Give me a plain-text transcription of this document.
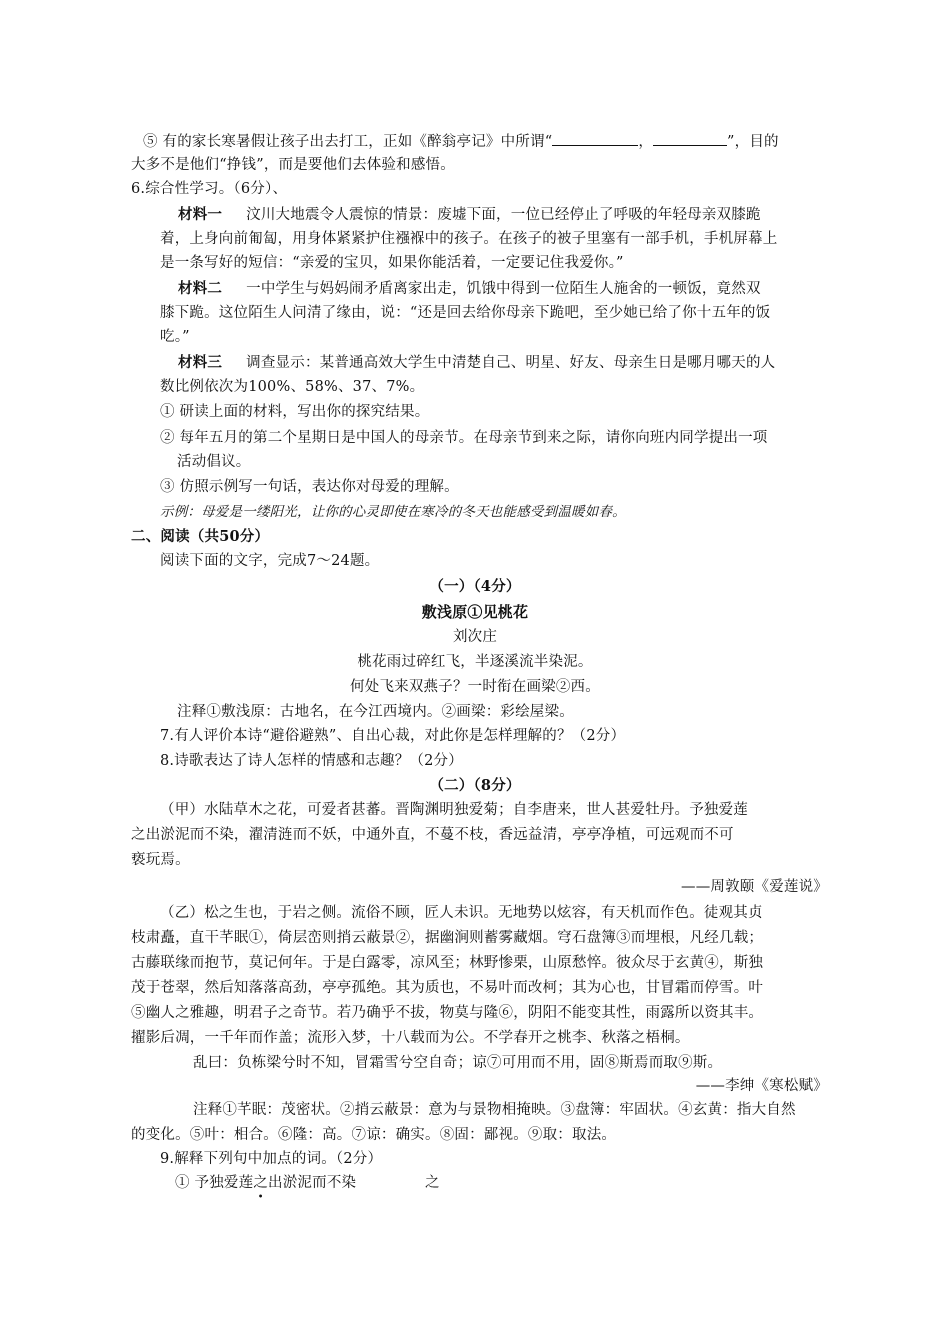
⑤ 有的家长寒暑假让孩子出去打工，正如《醉翁亭记》中所谓“	，	”，目的
大多不是他们“挣钱”，而是要他们去体验和感悟。
6.综合性学习。（6分）、
材料一 汶川大地震令人震惊的情景：废墟下面，一位已经停止了呼吸的年轻母亲双膝跪
着，上身向前匍匐，用身体紧紧护住襁褓中的孩子。在孩子的被子里塞有一部手机，手机屏幕上
是一条写好的短信：“亲爱的宝贝，如果你能活着，一定要记住我爱你。”
材料二 一中学生与妈妈闹矛盾离家出走，饥饿中得到一位陌生人施舍的一顿饭，竟然双
膝下跪。这位陌生人问清了缘由，说：“还是回去给你母亲下跪吧，至少她已给了你十五年的饭
吃。”
材料三 调查显示：某普通高效大学生中清楚自己、明星、好友、母亲生日是哪月哪天的人
数比例依次为100%、58%、37、7%。
① 研读上面的材料，写出你的探究结果。
② 每年五月的第二个星期日是中国人的母亲节。在母亲节到来之际，请你向班内同学提出一项
活动倡议。
③ 仿照示例写一句话，表达你对母爱的理解。
示例：母爱是一缕阳光，让你的心灵即使在寒冷的冬天也能感受到温暖如春。
二、阅读（共50分）
阅读下面的文字，完成7～24题。
（一）（4分）
敷浅原①见桃花
刘次庄
桃花雨过碎红飞，半逐溪流半染泥。
何处飞来双燕子？一时衔在画梁②西。
注释①敷浅原：古地名，在今江西境内。②画梁：彩绘屋梁。
7.有人评价本诗“避俗避熟”、自出心裁，对此你是怎样理解的？（2分）
8.诗歌表达了诗人怎样的情感和志趣？（2分）
（二）（8分）
（甲）水陆草木之花，可爱者甚蕃。晋陶渊明独爱菊；自李唐来，世人甚爱牡丹。予独爱莲
之出淤泥而不染，濯清涟而不妖，中通外直，不蔓不枝，香远益清，亭亭净植，可远观而不可
亵玩焉。
——周敦颐《爱莲说》
（乙）松之生也，于岩之侧。流俗不顾，匠人未识。无地势以炫容，有天机而作色。徒观其贞
枝肃矗，直干芊眠①，倚层峦则捎云蔽景②，据幽涧则蓄雾藏烟。穹石盘簿③而埋根，凡经几载；
古藤联缘而抱节，莫记何年。于是白露零，凉风至；林野惨栗，山原愁悴。彼众尽于玄黄④，斯独
茂于苍翠，然后知落落高劲，亭亭孤绝。其为质也，不易叶而改柯；其为心也，甘冒霜而停雪。叶
⑤幽人之雅趣，明君子之奇节。若乃确乎不拔，物莫与隆⑥，阴阳不能变其性，雨露所以资其丰。
擢影后凋，一千年而作盖；流形入梦，十八载而为公。不学春开之桃李、秋落之梧桐。
乱曰：负栋梁兮时不知，冒霜雪兮空自奇；谅⑦可用而不用，固⑧斯焉而取⑨斯。
——李绅《寒松赋》
注释①芊眠：茂密状。②捎云蔽景：意为与景物相掩映。③盘簿：牢固状。④玄黄：指大自然
的变化。⑤叶：相合。⑥隆：高。⑦谅：确实。⑧固：鄙视。⑨取：取法。
9.解释下列句中加点的词。（2分）
① 予独爱莲之出淤泥而不染	之
